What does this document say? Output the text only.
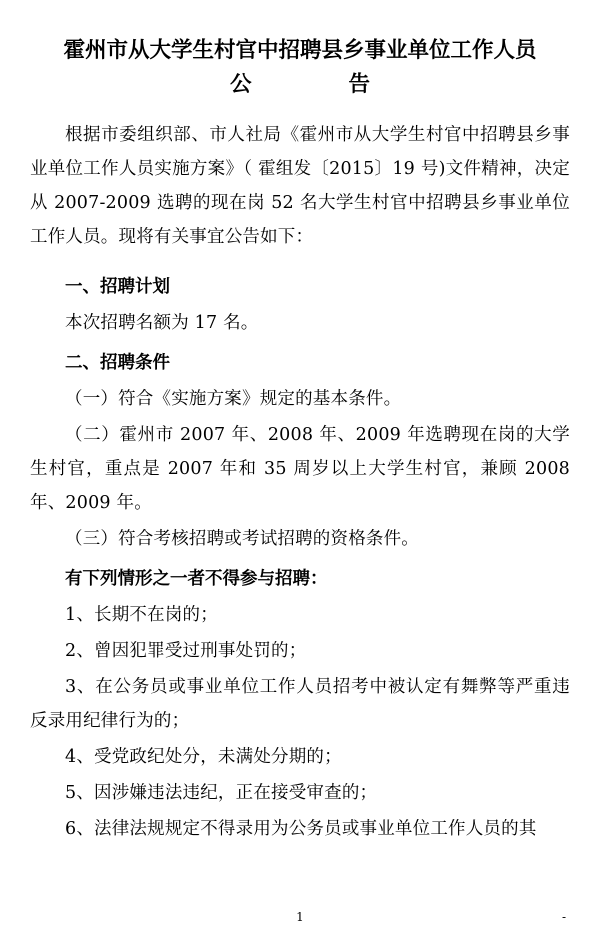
霍州市从大学生村官中招聘县乡事业单位工作人员
公　　告

根据市委组织部、市人社局《霍州市从大学生村官中招聘县乡事业单位工作人员实施方案》（ 霍组发〔2015〕19 号)文件精神，决定从 2007-2009 选聘的现在岗 52 名大学生村官中招聘县乡事业单位工作人员。现将有关事宜公告如下：

一、招聘计划

本次招聘名额为 17 名。

二、招聘条件

（一）符合《实施方案》规定的基本条件。

（二）霍州市 2007 年、2008 年、2009 年选聘现在岗的大学生村官，重点是 2007 年和 35 周岁以上大学生村官，兼顾 2008 年、2009 年。

（三）符合考核招聘或考试招聘的资格条件。

有下列情形之一者不得参与招聘：

1、长期不在岗的；

2、曾因犯罪受过刑事处罚的；

3、在公务员或事业单位工作人员招考中被认定有舞弊等严重违反录用纪律行为的；

4、受党政纪处分，未满处分期的；

5、因涉嫌违法违纪，正在接受审查的；

6、法律法规规定不得录用为公务员或事业单位工作人员的其

1	-
